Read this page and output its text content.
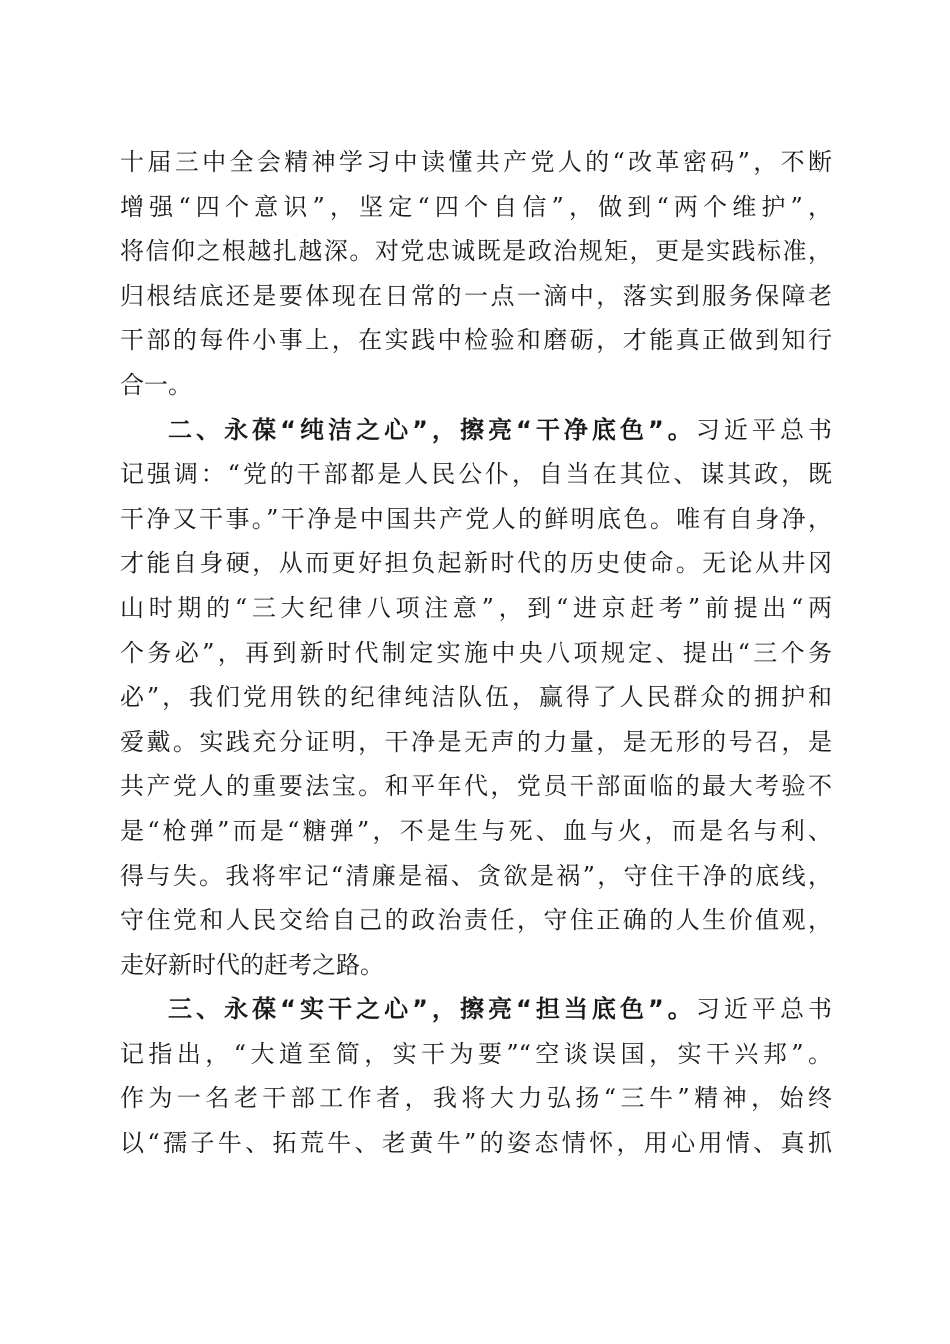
十届三中全会精神学习中读懂共产党人的“改革密码”，不断
增强“四个意识”，坚定“四个自信”，做到“两个维护”，
将信仰之根越扎越深。对党忠诚既是政治规矩，更是实践标准，
归根结底还是要体现在日常的一点一滴中，落实到服务保障老
干部的每件小事上，在实践中检验和磨砺，才能真正做到知行
合一。
二、永葆“纯洁之心”，擦亮“干净底色”。习近平总书
记强调：“党的干部都是人民公仆，自当在其位、谋其政，既
干净又干事。”干净是中国共产党人的鲜明底色。唯有自身净，
才能自身硬，从而更好担负起新时代的历史使命。无论从井冈
山时期的“三大纪律八项注意”，到“进京赶考”前提出“两
个务必”，再到新时代制定实施中央八项规定、提出“三个务
必”，我们党用铁的纪律纯洁队伍，赢得了人民群众的拥护和
爱戴。实践充分证明，干净是无声的力量，是无形的号召，是
共产党人的重要法宝。和平年代，党员干部面临的最大考验不
是“枪弹”而是“糖弹”，不是生与死、血与火，而是名与利、
得与失。我将牢记“清廉是福、贪欲是祸”，守住干净的底线，
守住党和人民交给自己的政治责任，守住正确的人生价值观，
走好新时代的赶考之路。
三、永葆“实干之心”，擦亮“担当底色”。习近平总书
记指出，“大道至简，实干为要”“空谈误国，实干兴邦”。
作为一名老干部工作者，我将大力弘扬“三牛”精神，始终
以“孺子牛、拓荒牛、老黄牛”的姿态情怀，用心用情、真抓
